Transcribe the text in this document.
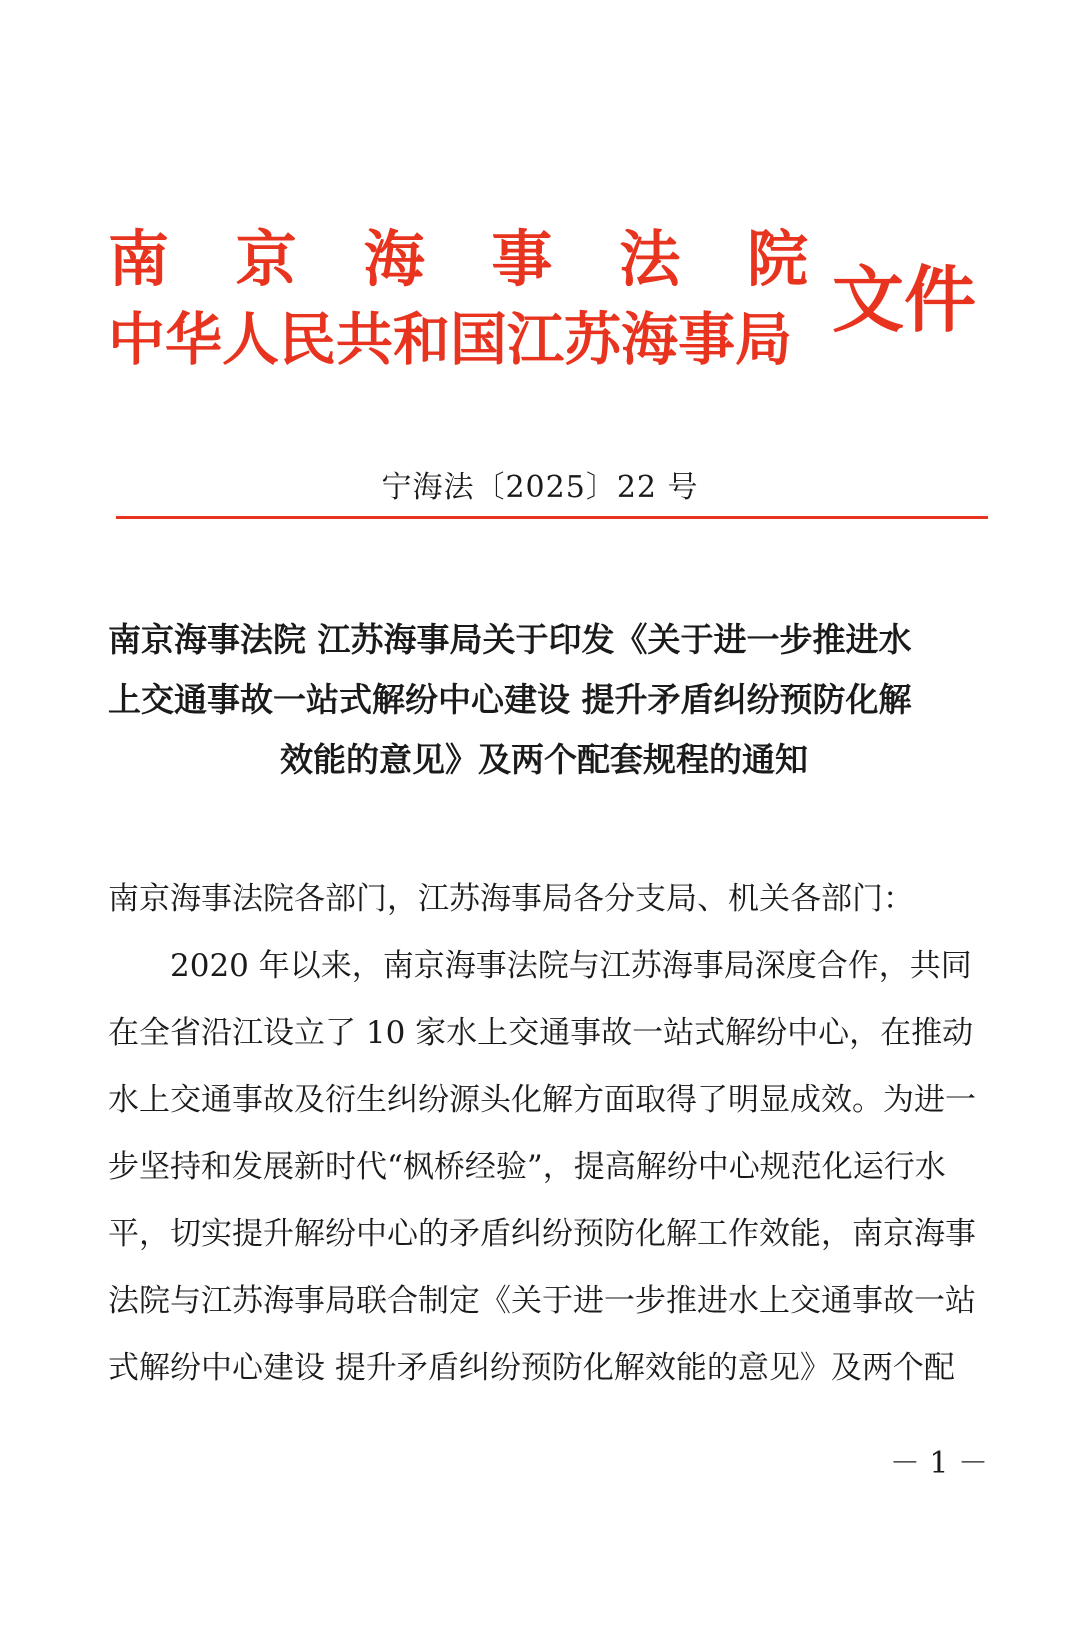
南 京 海 事 法 院
中华人民共和国江苏海事局 文件
宁海法〔2025〕22 号
南京海事法院 江苏海事局关于印发《关于进一步推进水
上交通事故一站式解纷中心建设 提升矛盾纠纷预防化解
效能的意见》及两个配套规程的通知
南京海事法院各部门，江苏海事局各分支局、机关各部门：
　　2020 年以来，南京海事法院与江苏海事局深度合作，共同
在全省沿江设立了 10 家水上交通事故一站式解纷中心，在推动
水上交通事故及衍生纠纷源头化解方面取得了明显成效。为进一
步坚持和发展新时代“枫桥经验”，提高解纷中心规范化运行水
平，切实提升解纷中心的矛盾纠纷预防化解工作效能，南京海事
法院与江苏海事局联合制定《关于进一步推进水上交通事故一站
式解纷中心建设 提升矛盾纠纷预防化解效能的意见》及两个配
－ 1 －
